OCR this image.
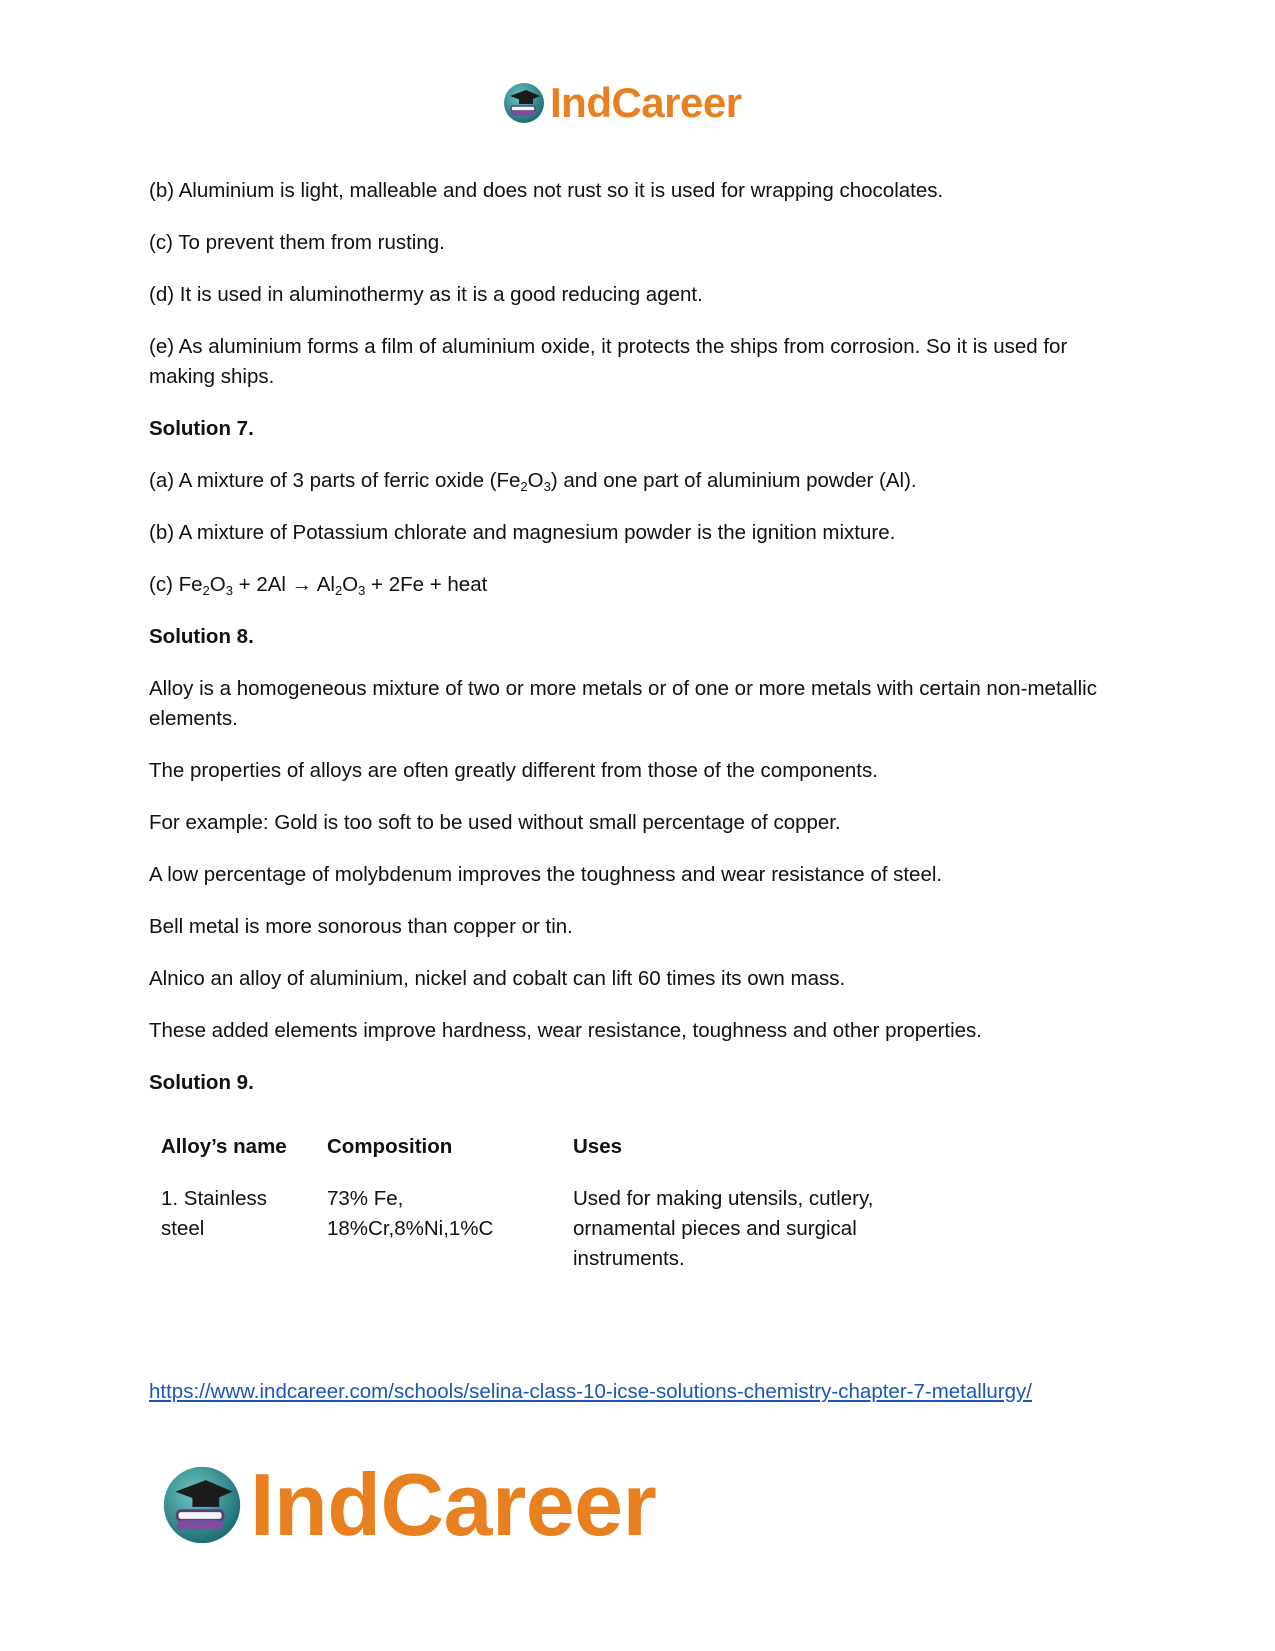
IndCareer

(b) Aluminium is light, malleable and does not rust so it is used for wrapping chocolates.

(c) To prevent them from rusting.

(d) It is used in aluminothermy as it is a good reducing agent.

(e) As aluminium forms a film of aluminium oxide, it protects the ships from corrosion. So it is used for making ships.

Solution 7.

(a) A mixture of 3 parts of ferric oxide $(Fe_2O_3)$ and one part of aluminium powder (Al).

(b) A mixture of Potassium chlorate and magnesium powder is the ignition mixture.

(c) $Fe_2O_3 + 2Al \to Al_2O_3 + 2Fe$ + heat

Solution 8.

Alloy is a homogeneous mixture of two or more metals or of one or more metals with certain non-metallic elements.

The properties of alloys are often greatly different from those of the components.

For example: Gold is too soft to be used without small percentage of copper.

A low percentage of molybdenum improves the toughness and wear resistance of steel.

Bell metal is more sonorous than copper or tin.

Alnico an alloy of aluminium, nickel and cobalt can lift 60 times its own mass.

These added elements improve hardness, wear resistance, toughness and other properties.

Solution 9.

Alloy’s name	Composition	Uses
1. Stainless steel	73% Fe, 18%Cr,8%Ni,1%C	Used for making utensils, cutlery, ornamental pieces and surgical instruments.
https://www.indcareer.com/schools/selina-class-10-icse-solutions-chemistry-chapter-7-metallurgy/
IndCareer
